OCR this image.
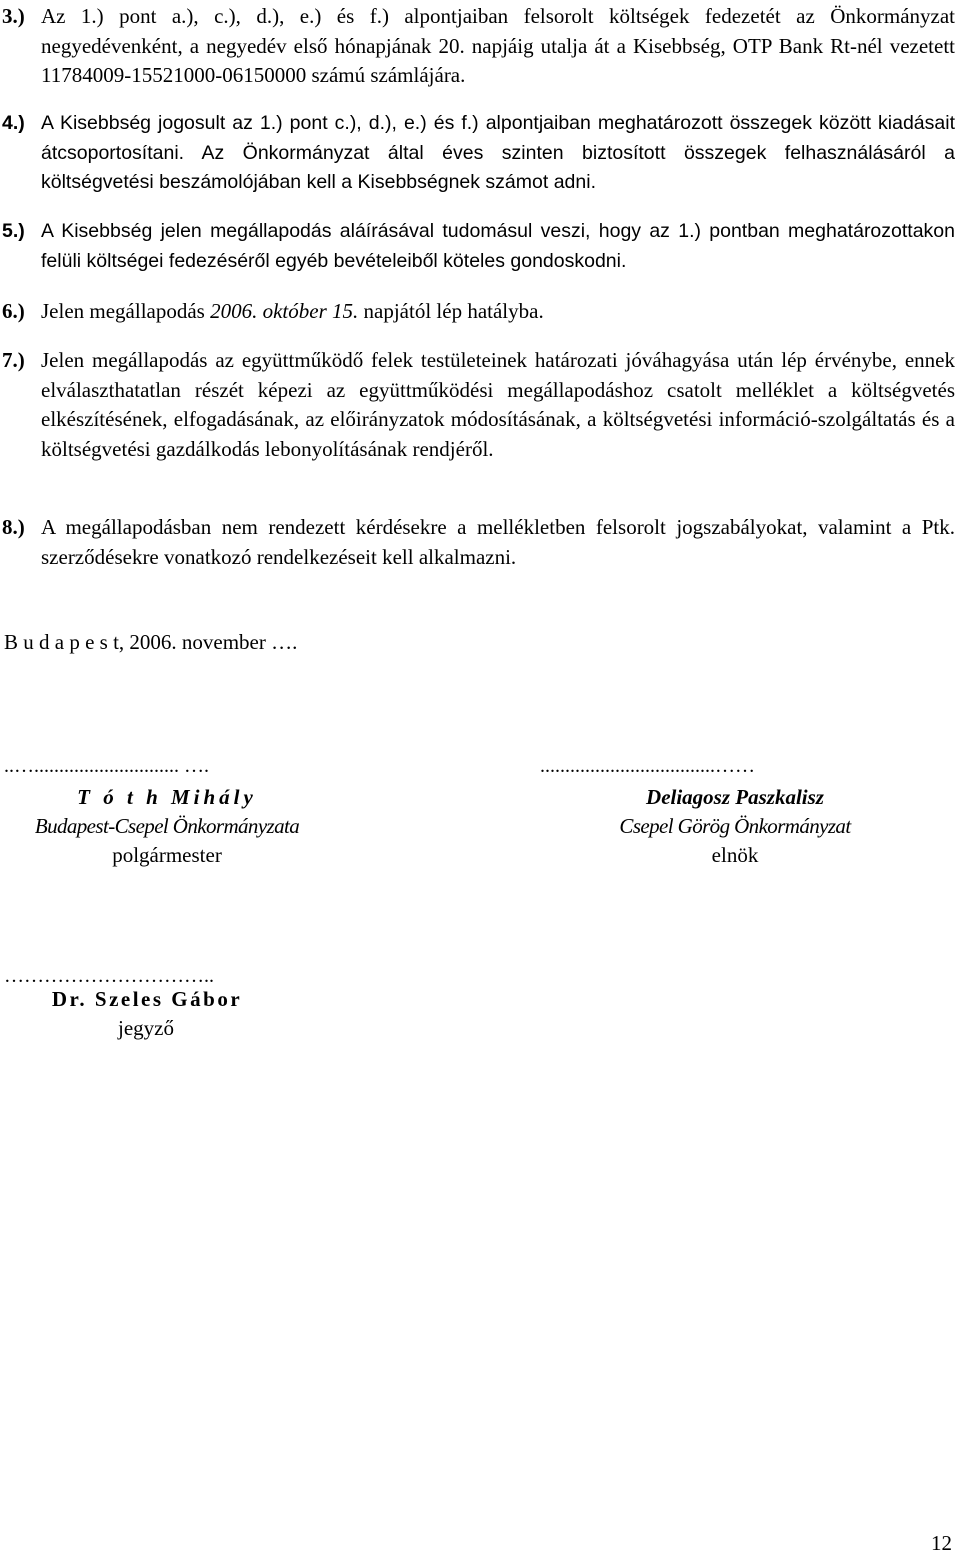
3.) Az 1.) pont a.), c.), d.), e.) és f.) alpontjaiban felsorolt költségek fedezetét az Önkormányzat negyedévenként, a negyedév első hónapjának 20. napjáig utalja át a Kisebbség, OTP Bank Rt-nél vezetett 11784009-15521000-06150000 számú számlájára.
4.) A Kisebbség jogosult az 1.) pont c.), d.), e.) és f.) alpontjaiban meghatározott összegek között kiadásait átcsoportosítani. Az Önkormányzat által éves szinten biztosított összegek felhasználásáról a költségvetési beszámolójában kell a Kisebbségnek számot adni.
5.) A Kisebbség jelen megállapodás aláírásával tudomásul veszi, hogy az 1.) pontban meghatározottakon felüli költségei fedezéséről egyéb bevételeiből köteles gondoskodni.
6.) Jelen megállapodás 2006. október 15. napjától lép hatályba.
7.) Jelen megállapodás az együttműködő felek testületeinek határozati jóváhagyása után lép érvénybe, ennek elválaszthatatlan részét képezi az együttműködési megállapodáshoz csatolt melléklet a költségvetés elkészítésének, elfogadásának, az előirányzatok módosításának, a költségvetési információ-szolgáltatás és a költségvetési gazdálkodás lebonyolításának rendjéről.
8.) A megállapodásban nem rendezett kérdésekre a mellékletben felsorolt jogszabályokat, valamint a Ptk. szerződésekre vonatkozó rendelkezéseit kell alkalmazni.
B u d a p e s t, 2006. november ….
..…............................. ….
T ó t h Mihály
Budapest-Csepel Önkormányzata
polgármester
...................................……
Deliagosz Paszkalisz
Csepel Görög Önkormányzat
elnök
…………………………..
Dr. Szeles Gábor
jegyző
12
